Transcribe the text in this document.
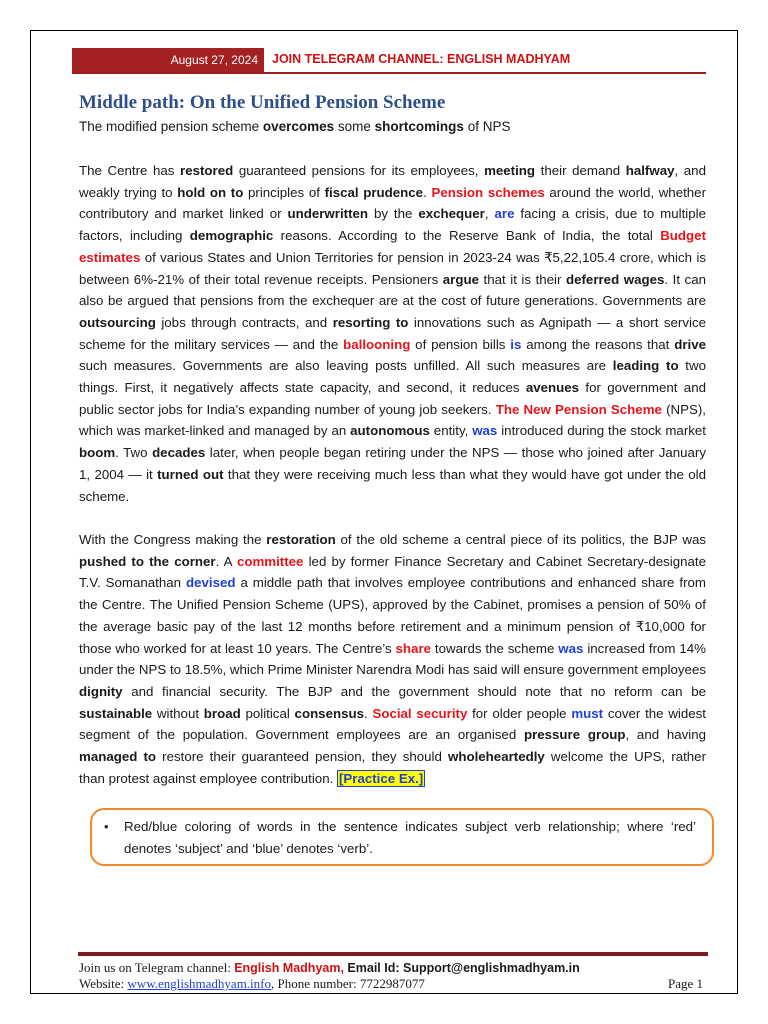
August 27, 2024	JOIN TELEGRAM CHANNEL: ENGLISH MADHYAM
Middle path: On the Unified Pension Scheme
The modified pension scheme overcomes some shortcomings of NPS

The Centre has restored guaranteed pensions for its employees, meeting their demand halfway, and weakly trying to hold on to principles of fiscal prudence. Pension schemes around the world, whether contributory and market linked or underwritten by the exchequer, are facing a crisis, due to multiple factors, including demographic reasons. According to the Reserve Bank of India, the total Budget estimates of various States and Union Territories for pension in 2023-24 was ₹5,22,105.4 crore, which is between 6%-21% of their total revenue receipts. Pensioners argue that it is their deferred wages. It can also be argued that pensions from the exchequer are at the cost of future generations. Governments are outsourcing jobs through contracts, and resorting to innovations such as Agnipath — a short service scheme for the military services — and the ballooning of pension bills is among the reasons that drive such measures. Governments are also leaving posts unfilled. All such measures are leading to two things. First, it negatively affects state capacity, and second, it reduces avenues for government and public sector jobs for India’s expanding number of young job seekers. The New Pension Scheme (NPS), which was market-linked and managed by an autonomous entity, was introduced during the stock market boom. Two decades later, when people began retiring under the NPS — those who joined after January 1, 2004 — it turned out that they were receiving much less than what they would have got under the old scheme.

With the Congress making the restoration of the old scheme a central piece of its politics, the BJP was pushed to the corner. A committee led by former Finance Secretary and Cabinet Secretary-designate T.V. Somanathan devised a middle path that involves employee contributions and enhanced share from the Centre. The Unified Pension Scheme (UPS), approved by the Cabinet, promises a pension of 50% of the average basic pay of the last 12 months before retirement and a minimum pension of ₹10,000 for those who worked for at least 10 years. The Centre’s share towards the scheme was increased from 14% under the NPS to 18.5%, which Prime Minister Narendra Modi has said will ensure government employees dignity and financial security. The BJP and the government should note that no reform can be sustainable without broad political consensus. Social security for older people must cover the widest segment of the population. Government employees are an organised pressure group, and having managed to restore their guaranteed pension, they should wholeheartedly welcome the UPS, rather than protest against employee contribution. [Practice Ex.]

• Red/blue coloring of words in the sentence indicates subject verb relationship; where ‘red’ denotes ‘subject’ and ‘blue’ denotes ‘verb’.

Join us on Telegram channel: English Madhyam, Email Id: Support@englishmadhyam.in
Website: www.englishmadhyam.info, Phone number: 7722987077	Page 1
